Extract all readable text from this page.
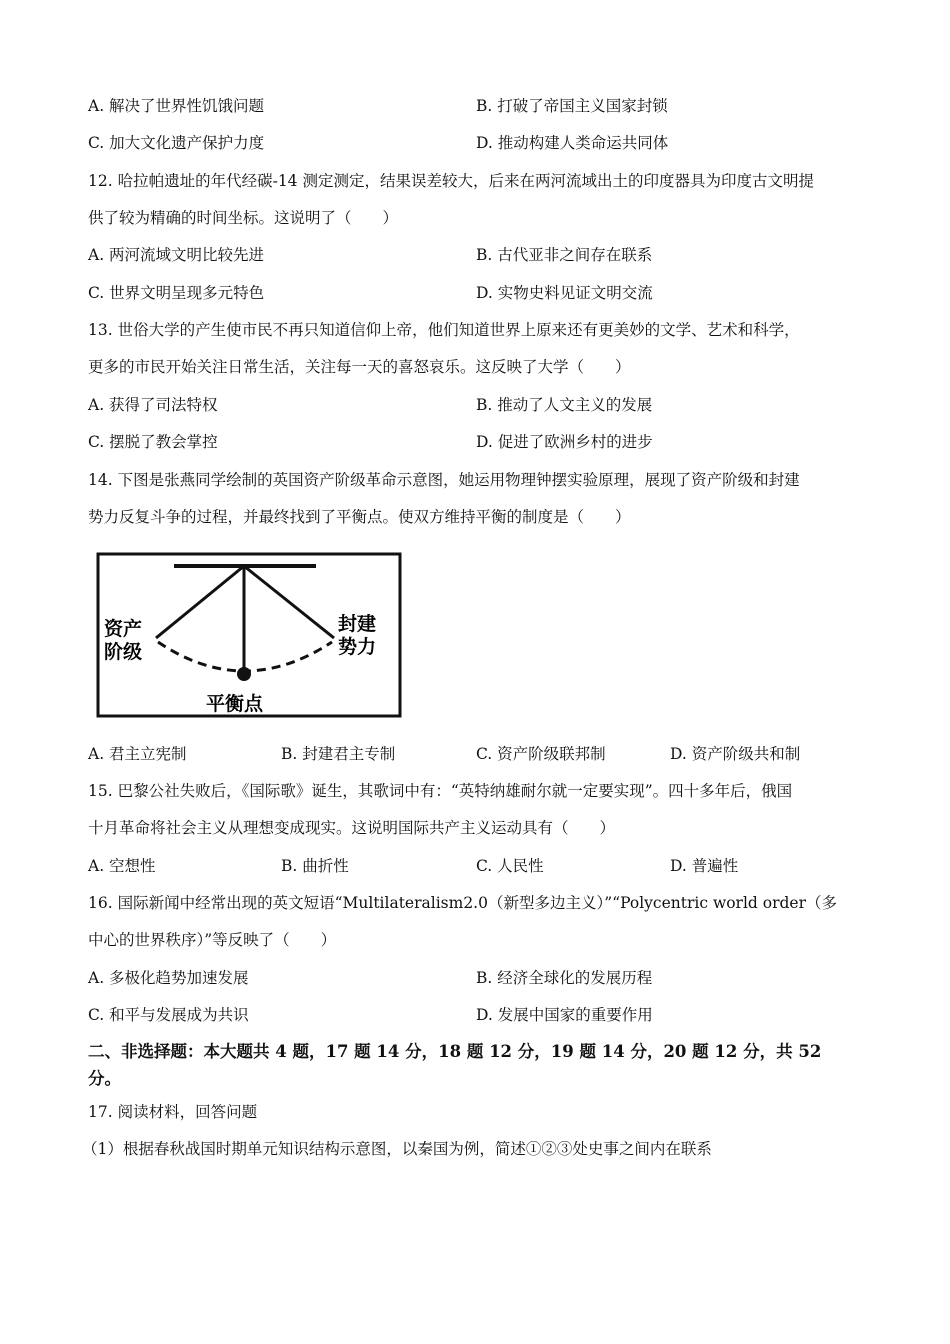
A. 解决了世界性饥饿问题	B. 打破了帝国主义国家封锁
C. 加大文化遗产保护力度	D. 推动构建人类命运共同体
12. 哈拉帕遗址的年代经碳-14 测定测定，结果误差较大，后来在两河流域出土的印度器具为印度古文明提
供了较为精确的时间坐标。这说明了（　　）
A. 两河流域文明比较先进	B. 古代亚非之间存在联系
C. 世界文明呈现多元特色	D. 实物史料见证文明交流
13. 世俗大学的产生使市民不再只知道信仰上帝，他们知道世界上原来还有更美妙的文学、艺术和科学，
更多的市民开始关注日常生活，关注每一天的喜怒哀乐。这反映了大学（　　）
A. 获得了司法特权	B. 推动了人文主义的发展
C. 摆脱了教会掌控	D. 促进了欧洲乡村的进步
14. 下图是张燕同学绘制的英国资产阶级革命示意图，她运用物理钟摆实验原理，展现了资产阶级和封建
势力反复斗争的过程，并最终找到了平衡点。使双方维持平衡的制度是（　　）
资产
阶级
封建
势力
平衡点
A. 君主立宪制	B. 封建君主专制	C. 资产阶级联邦制	D. 资产阶级共和制
15. 巴黎公社失败后，《国际歌》诞生，其歌词中有：“英特纳雄耐尔就一定要实现”。四十多年后，俄国
十月革命将社会主义从理想变成现实。这说明国际共产主义运动具有（　　）
A. 空想性	B. 曲折性	C. 人民性	D. 普遍性
16. 国际新闻中经常出现的英文短语“Multilateralism2.0（新型多边主义）”“Polycentric world order（多
中心的世界秩序）”等反映了（　　）
A. 多极化趋势加速发展	B. 经济全球化的发展历程
C. 和平与发展成为共识	D. 发展中国家的重要作用
二、非选择题：本大题共 4 题，17 题 14 分，18 题 12 分，19 题 14 分，20 题 12 分，共 52
分。
17. 阅读材料，回答问题
（1）根据春秋战国时期单元知识结构示意图，以秦国为例，简述①②③处史事之间内在联系
